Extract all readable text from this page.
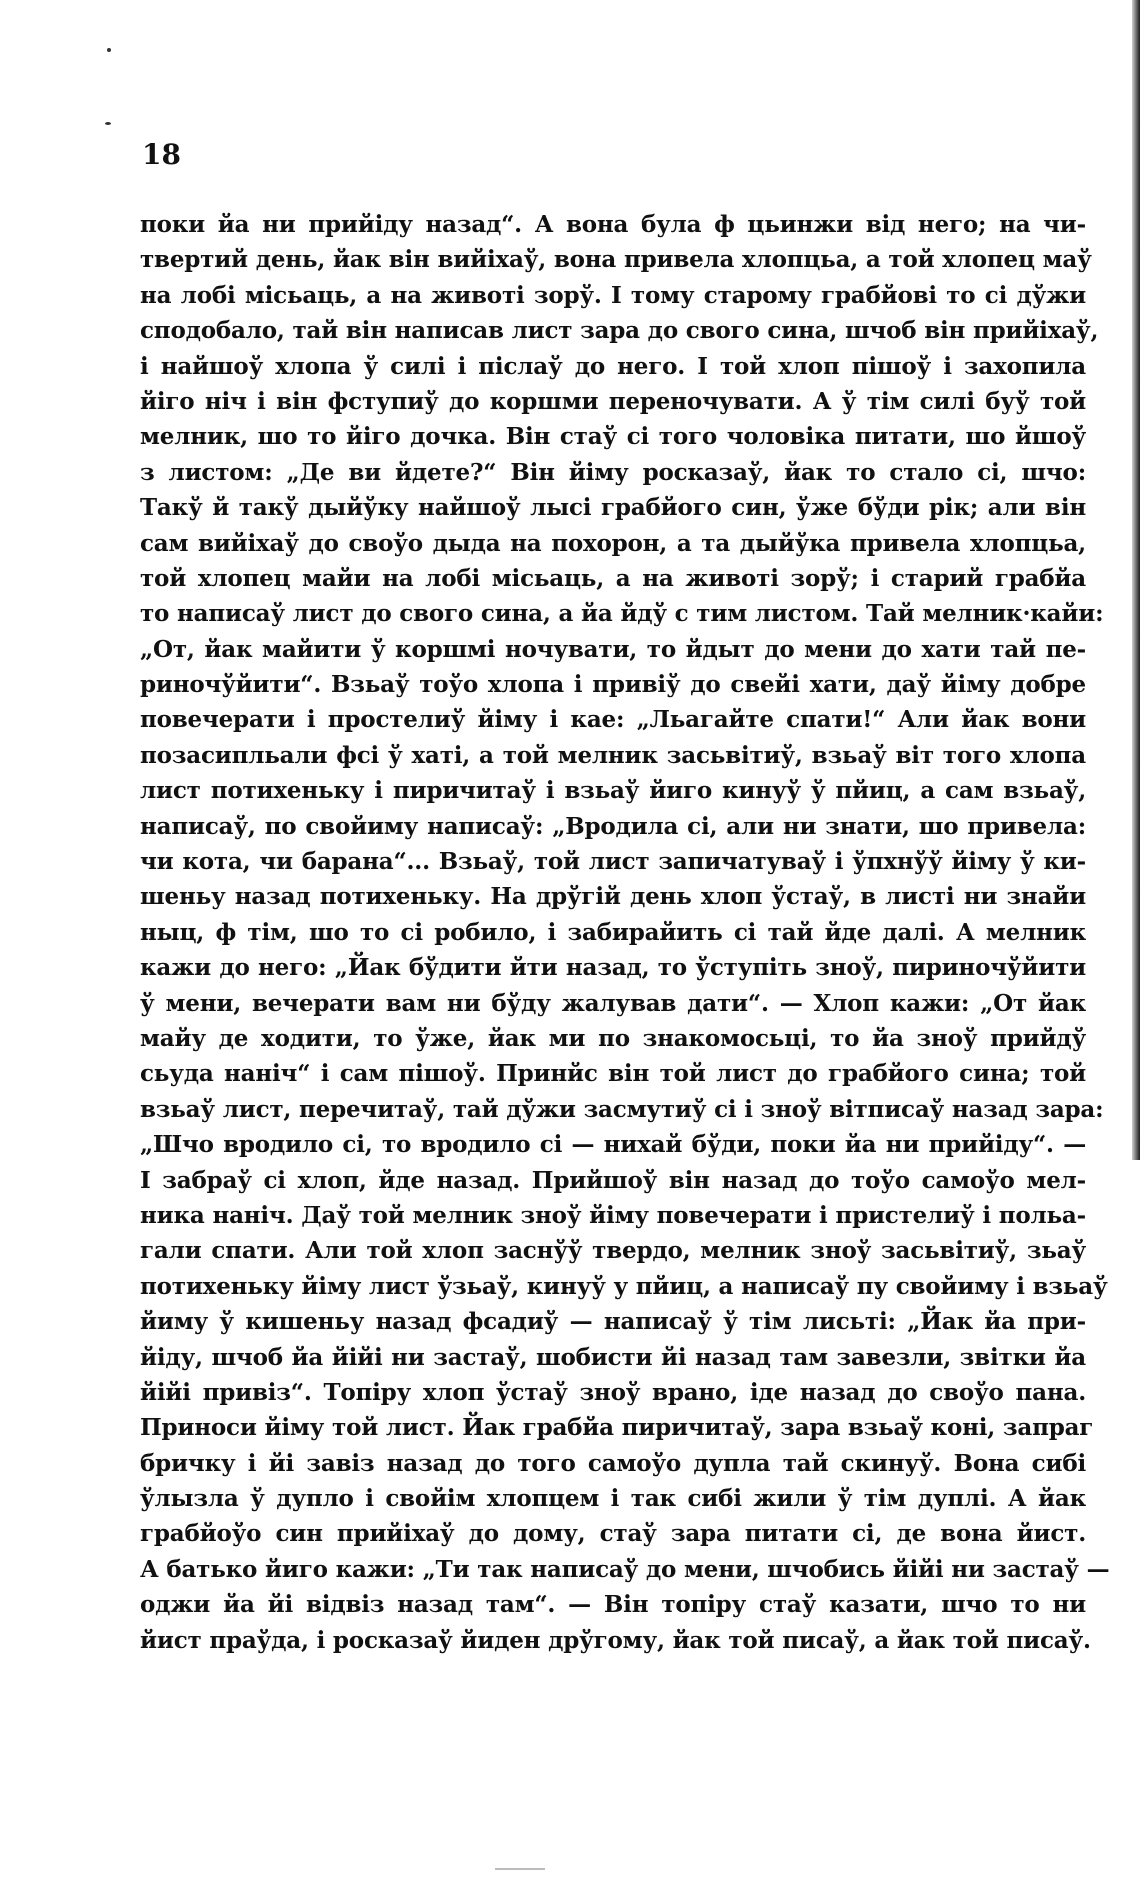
18
поки йа ни прийіду назад“. А вона була ф цьинжи від него; на чи-
твертий день, йак він вийіхаў, вона привела хлопцьа, а той хлопец маў
на лобі місьаць, а на животі зорў. І тому старому грабйові то сі дўжи
сподобало, тай він написав лист зара до свого сина, шчоб він прийіхаў,
і найшоў хлопа ў силі і післаў до него. І той хлоп пішоў і захопила
йіго ніч і він фступиў до коршми переночувати. А ў тім силі буў той
мелник, шо то йіго дочка. Він стаў сі того чоловіка питати, шо йшоў
з листом: „Де ви йдете?“ Він йіму росказаў, йак то стало сі, шчо:
Такў й такў дыйўку найшоў лысі грабйого син, ўже бўди рік; али він
сам вийіхаў до своўо дыда на похорон, а та дыйўка привела хлопцьа,
той хлопец майи на лобі місьаць, а на животі зорў; і старий грабйа
то написаў лист до свого сина, а йа йдў с тим листом. Тай мелник·кайи:
„От, йак майити ў коршмі ночувати, то йдыт до мени до хати тай пе-
риночўйити“. Взьаў тоўо хлопа і привіў до свейі хати, даў йіму добре
повечерати і простелиў йіму і кае: „Льагайте спати!“ Али йак вони
позасипльали фсі ў хаті, а той мелник засьвітиў, взьаў віт того хлопа
лист потихеньку і пиричитаў і взьаў йиго кинуў ў пйиц, а сам взьаў,
написаў, по свойиму написаў: „Вродила сі, али ни знати, шо привела:
чи кота, чи барана“... Взьаў, той лист запичатуваў і ўпхнўў йіму ў ки-
шеньу назад потихеньку. На дрўгій день хлоп ўстаў, в листі ни знайи
ныц, ф тім, шо то сі робило, і забирайить сі тай йде далі. А мелник
кажи до него: „Йак бўдити йти назад, то ўступіть зноў, пириночўйити
ў мени, вечерати вам ни бўду жалував дати“. — Хлоп кажи: „От йак
майу де ходити, то ўже, йак ми по знакомосьці, то йа зноў прийдў
сьуда наніч“ і сам пішоў. Принйс він той лист до грабйого сина; той
взьаў лист, перечитаў, тай дўжи засмутиў сі і зноў вітписаў назад зара:
„Шчо вродило сі, то вродило сі — нихай бўди, поки йа ни прийіду“. —
І забраў сі хлоп, йде назад. Прийшоў він назад до тоўо самоўо мел-
ника наніч. Даў той мелник зноў йіму повечерати і пристелиў і польа-
гали спати. Али той хлоп заснўў твердо, мелник зноў засьвітиў, зьаў
потихеньку йіму лист ўзьаў, кинуў у пйиц, а написаў пу свойиму і взьаў
йиму ў кишеньу назад фсадиў — написаў ў тім лисьті: „Йак йа при-
йіду, шчоб йа йійі ни застаў, шобисти йі назад там завезли, звітки йа
йійі привіз“. Топіру хлоп ўстаў зноў врано, іде назад до своўо пана.
Приноси йіму той лист. Йак грабйа пиричитаў, зара взьаў коні, запраг
бричку і йі завіз назад до того самоўо дупла тай скинуў. Вона сибі
ўлызла ў дупло і свойім хлопцем і так сибі жили ў тім дуплі. А йак
грабйоўо син прийіхаў до дому, стаў зара питати сі, де вона йист.
А батько йиго кажи: „Ти так написаў до мени, шчобись йійі ни застаў —
оджи йа йі відвіз назад там“. — Він топіру стаў казати, шчо то ни
йист праўда, і росказаў йиден дрўгому, йак той писаў, а йак той писаў.
